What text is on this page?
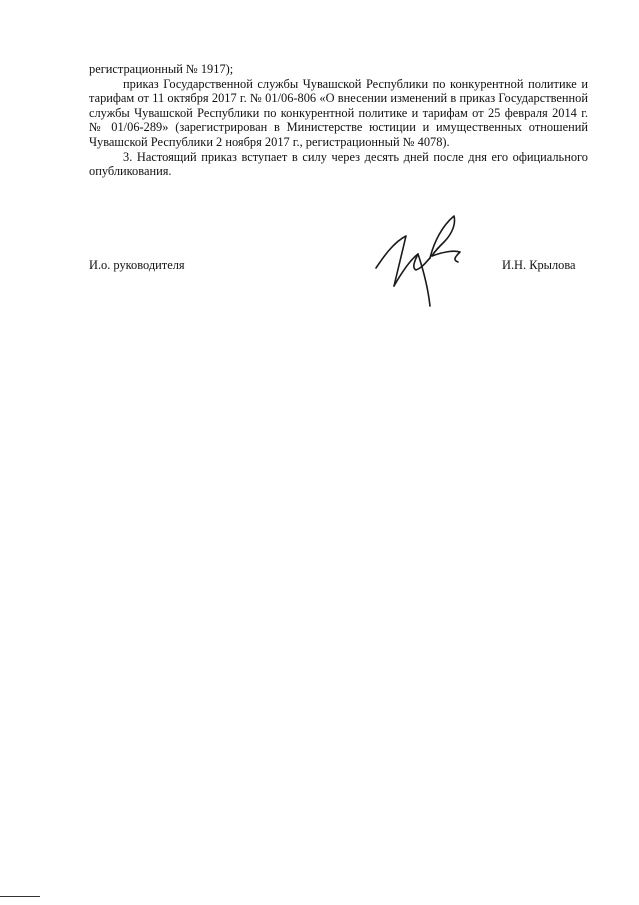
регистрационный № 1917);

приказ Государственной службы Чувашской Республики по конкурентной политике и тарифам от 11 октября 2017 г. № 01/06-806 «О внесении изменений в приказ Государственной службы Чувашской Республики по конкурентной политике и тарифам от 25 февраля 2014 г. № 01/06-289» (зарегистрирован в Министерстве юстиции и имущественных отношений Чувашской Республики 2 ноября 2017 г., регистрационный № 4078).

3. Настоящий приказ вступает в силу через десять дней после дня его официального опубликования.

И.о. руководителя	И.Н. Крылова
